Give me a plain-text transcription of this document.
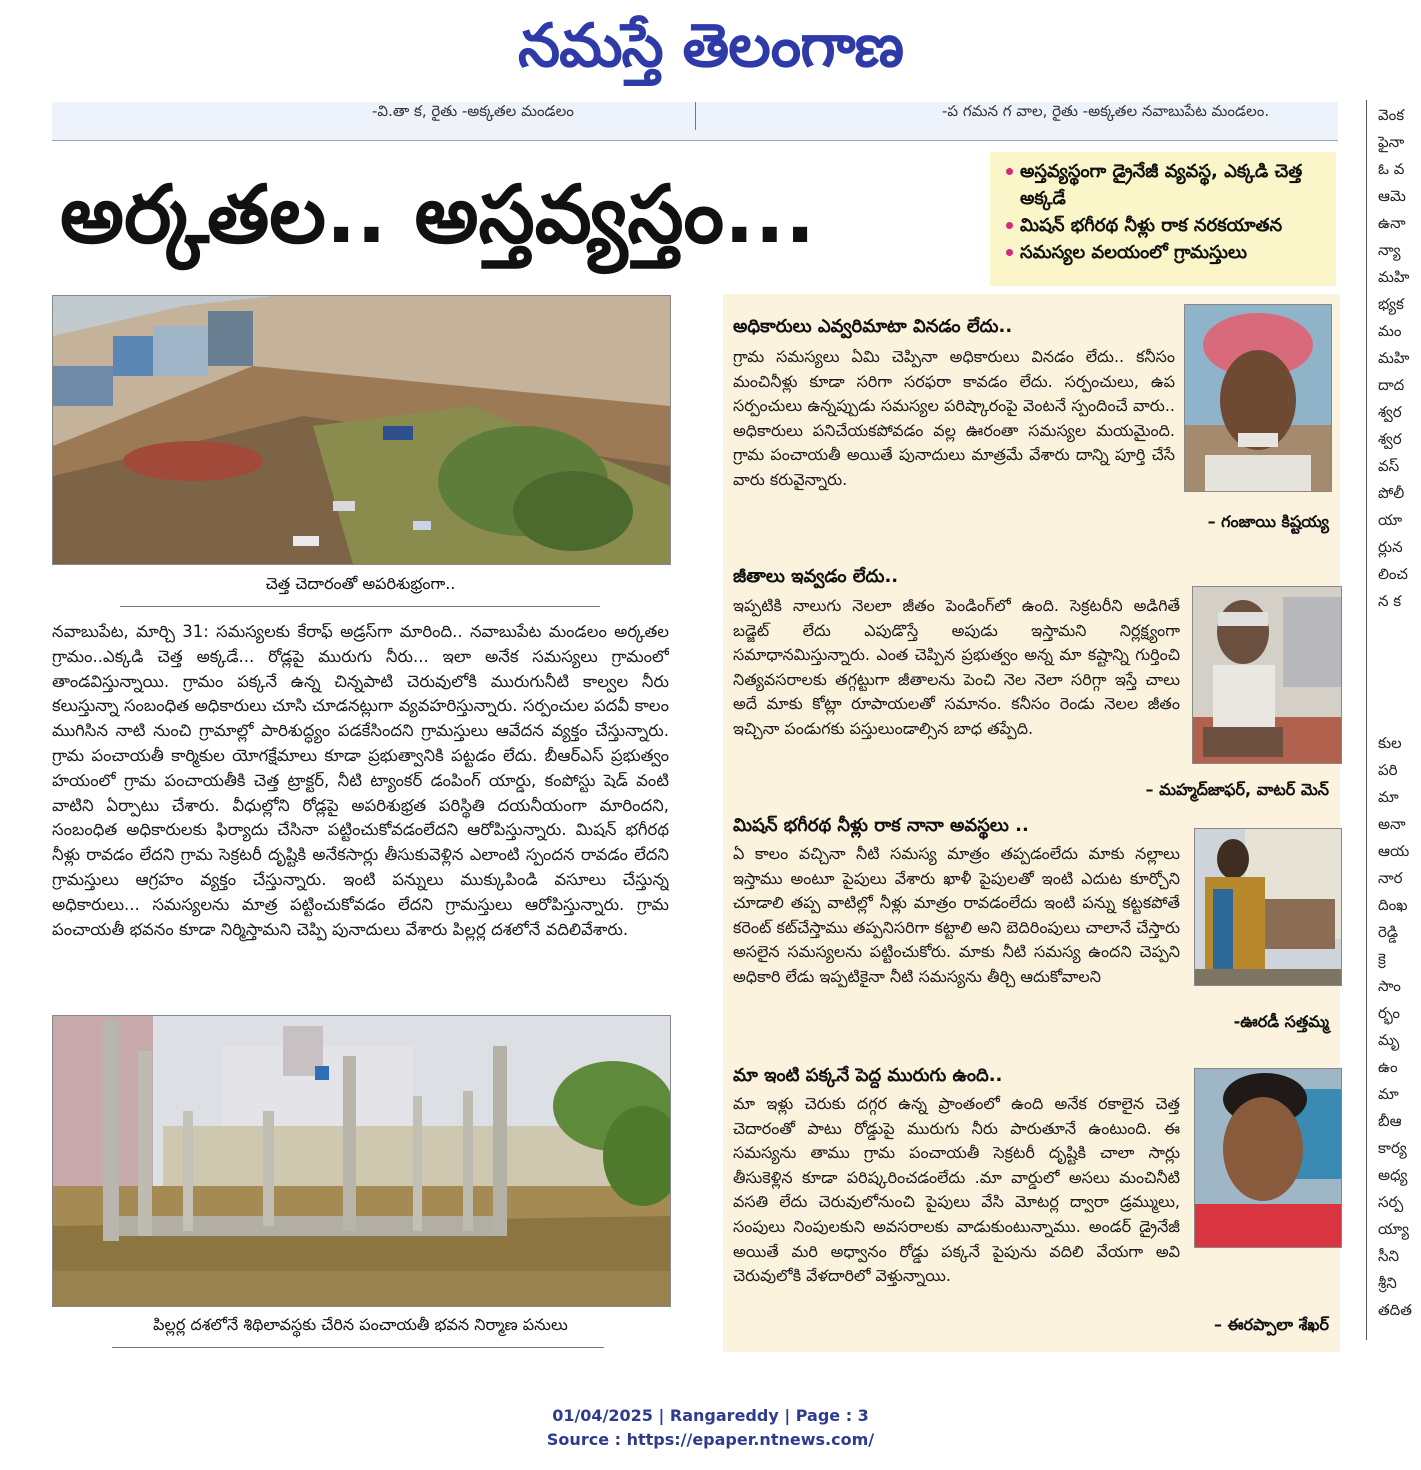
నమస్తే తెలంగాణ
-వి.తా క, రైతు -అక్కతల మండలం	-ప గమన గ వాల, రైతు -అక్కతల నవాబుపేట మండలం.	వెంక
ఫైనా
ఓ వ
ఆమె
ఉనా
న్యా
మహి
భ్యక
మం
మహి
దాద
శ్వర
శ్వర
వస్
పోలీ
యా
ర్లున
లించ
న క
కుల
పరి
మా
అనా
ఆయ
నార
దింఖ
రెడ్డి
క్రె
సాం
ర్భం
మృ
ఉం
మా
బీఆ
కార్య
అధ్య
సర్ప
య్యా
సీని
శ్రీని
తదిత
అర్కతల.. అస్తవ్యస్తం...	అస్తవ్యస్థంగా డ్రైనేజీ వ్యవస్థ, ఎక్కడి చెత్త అక్కడే
మిషన్ భగీరథ నీళ్లు రాక నరకయాతన
సమస్యల వలయంలో గ్రామస్తులు
చెత్త చెదారంతో అపరిశుభ్రంగా..
నవాబుపేట, మార్చి 31: సమస్యలకు కేరాఫ్ అడ్రస్‌గా మారింది.. నవాబుపేట మండలం అర్కతల గ్రామం..ఎక్కడి చెత్త అక్కడే... రోడ్లపై మురుగు నీరు... ఇలా అనేక సమస్యలు గ్రామంలో తాండవిస్తున్నాయి. గ్రామం పక్కనే ఉన్న చిన్నపాటి చెరువులోకి మురుగునీటి కాల్వల నీరు కలుస్తున్నా సంబంధిత అధికారులు చూసి చూడనట్లుగా వ్యవహరిస్తున్నారు. సర్పంచుల పదవీ కాలం ముగిసిన నాటి నుంచి గ్రామాల్లో పారిశుద్ధ్యం పడకేసిందని గ్రామస్తులు ఆవేదన వ్యక్తం చేస్తున్నారు. గ్రామ పంచాయతీ కార్మికుల యోగక్షేమాలు కూడా ప్రభుత్వానికి పట్టడం లేదు. బీఆర్ఎస్ ప్రభుత్వం హయంలో గ్రామ పంచాయతీకి చెత్త ట్రాక్టర్, నీటి ట్యాంకర్ డంపింగ్ యార్డు, కంపోస్టు షెడ్ వంటి వాటిని ఏర్పాటు చేశారు. వీధుల్లోని రోడ్లపై అపరిశుభ్రత పరిస్థితి దయనీయంగా మారిందని, సంబంధిత అధికారులకు ఫిర్యాదు చేసినా పట్టించుకోవడంలేదని ఆరోపిస్తున్నారు. మిషన్ భగీరథ నీళ్లు రావడం లేదని గ్రామ సెక్రటరీ దృష్టికి అనేకసార్లు తీసుకువెళ్లిన ఎలాంటి స్పందన రావడం లేదని గ్రామస్తులు ఆగ్రహం వ్యక్తం చేస్తున్నారు. ఇంటి పన్నులు ముక్కుపిండి వసూలు చేస్తున్న అధికారులు... సమస్యలను మాత్ర పట్టించుకోవడం లేదని గ్రామస్తులు ఆరోపిస్తున్నారు. గ్రామ పంచాయతీ భవనం కూడా నిర్మిస్తామని చెప్పి పునాదులు వేశారు పిల్లర్ల దశలోనే వదిలివేశారు.
పిల్లర్ల దశలోనే శిథిలావస్థకు చేరిన పంచాయతీ భవన నిర్మాణ పనులు
అధికారులు ఎవ్వరిమాటా వినడం లేదు..
గ్రామ సమస్యలు ఏమి చెప్పినా అధికారులు వినడం లేదు.. కనీసం మంచినీళ్లు కూడా సరిగా సరఫరా కావడం లేదు. సర్పంచులు, ఉప సర్పంచులు ఉన్నప్పుడు సమస్యల పరిష్కారంపై వెంటనే స్పందించే వారు.. అధికారులు పనిచేయకపోవడం వల్ల ఊరంతా సమస్యల మయమైంది. గ్రామ పంచాయతీ అయితే పునాదులు మాత్రమే వేశారు దాన్ని పూర్తి చేసే వారు కరువైన్నారు.
– గంజాయి కిష్టయ్య
జీతాలు ఇవ్వడం లేదు..
ఇప్పటికి నాలుగు నెలలా జీతం పెండింగ్‌లో ఉంది. సెక్రటరీని అడిగితే బడ్జెట్ లేదు ఎపుడొస్తే అపుడు ఇస్తామని నిర్లక్ష్యంగా సమాధానమిస్తున్నారు. ఎంత చెప్పిన ప్రభుత్వం అన్న మా కష్టాన్ని గుర్తించి నిత్యవసరాలకు తగ్గట్టుగా జీతాలను పెంచి నెల నెలా సరిగ్గా ఇస్తే చాలు అదే మాకు కోట్లా రూపాయలతో సమానం. కనీసం రెండు నెలల జీతం ఇచ్చినా పండుగకు పస్తులుండాల్సిన బాధ తప్పేది.
– మహ్మద్‌జాఫర్, వాటర్ మెన్
మిషన్ భగీరథ నీళ్లు రాక నానా అవస్థలు ..
ఏ కాలం వచ్చినా నీటి సమస్య మాత్రం తప్పడంలేదు మాకు నల్లాలు ఇస్తాము అంటూ పైపులు వేశారు ఖాళీ పైపులతో ఇంటి ఎదుట కూర్చోని చూడాలి తప్ప వాటిల్లో నీళ్లు మాత్రం రావడంలేదు ఇంటి పన్ను కట్టకపోతే కరెంట్ కట్‌చేస్తాము తప్పనిసరిగా కట్టాలి అని బెదిరింపులు చాలానే చేస్తారు అసలైన సమస్యలను పట్టించుకోరు. మాకు నీటి సమస్య ఉందని చెప్పని అధికారి లేడు ఇప్పటికైనా నీటి సమస్యను తీర్చి ఆదుకోవాలని
-ఊరడీ సత్తమ్మ
మా ఇంటి పక్కనే పెద్ద మురుగు ఉంది..
మా ఇళ్లు చెరుకు దగ్గర ఉన్న ప్రాంతంలో ఉంది అనేక రకాలైన చెత్త చెదారంతో పాటు రోడ్డుపై మురుగు నీరు పారుతూనే ఉంటుంది. ఈ సమస్యను తాము గ్రామ పంచాయతీ సెక్రటరీ దృష్టికి చాలా సార్లు తీసుకెళ్లిన కూడా పరిష్కరించడంలేదు .మా వార్డులో అసలు మంచినీటి వసతి లేదు చెరువులోనుంచి పైపులు వేసి మోటర్ల ద్వారా డ్రమ్ములు, సంపులు నింపులకుని అవసరాలకు వాడుకుంటున్నాము. అండర్ డ్రైనేజీ అయితే మరి అధ్వానం రోడ్డు పక్కనే పైపును వదిలి వేయగా అవి చెరువులోకి వేళదారిలో వెళ్తున్నాయి.
– ఈరప్పాలా శేఖర్
01/04/2025 | Rangareddy | Page : 3
Source : https://epaper.ntnews.com/
